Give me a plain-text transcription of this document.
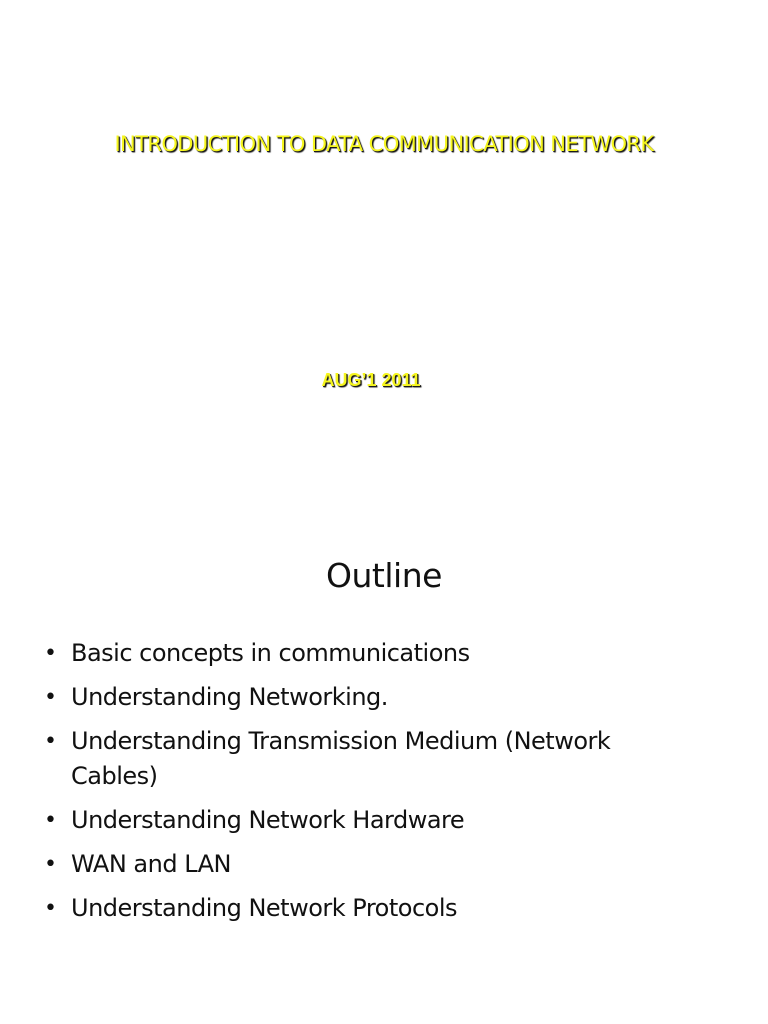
INTRODUCTION TO DATA COMMUNICATION NETWORK
AUG’1 2011
Outline
• Basic concepts in communications
• Understanding Networking.
• Understanding Transmission Medium (Network Cables)
• Understanding Network Hardware
• WAN and LAN
• Understanding Network Protocols
